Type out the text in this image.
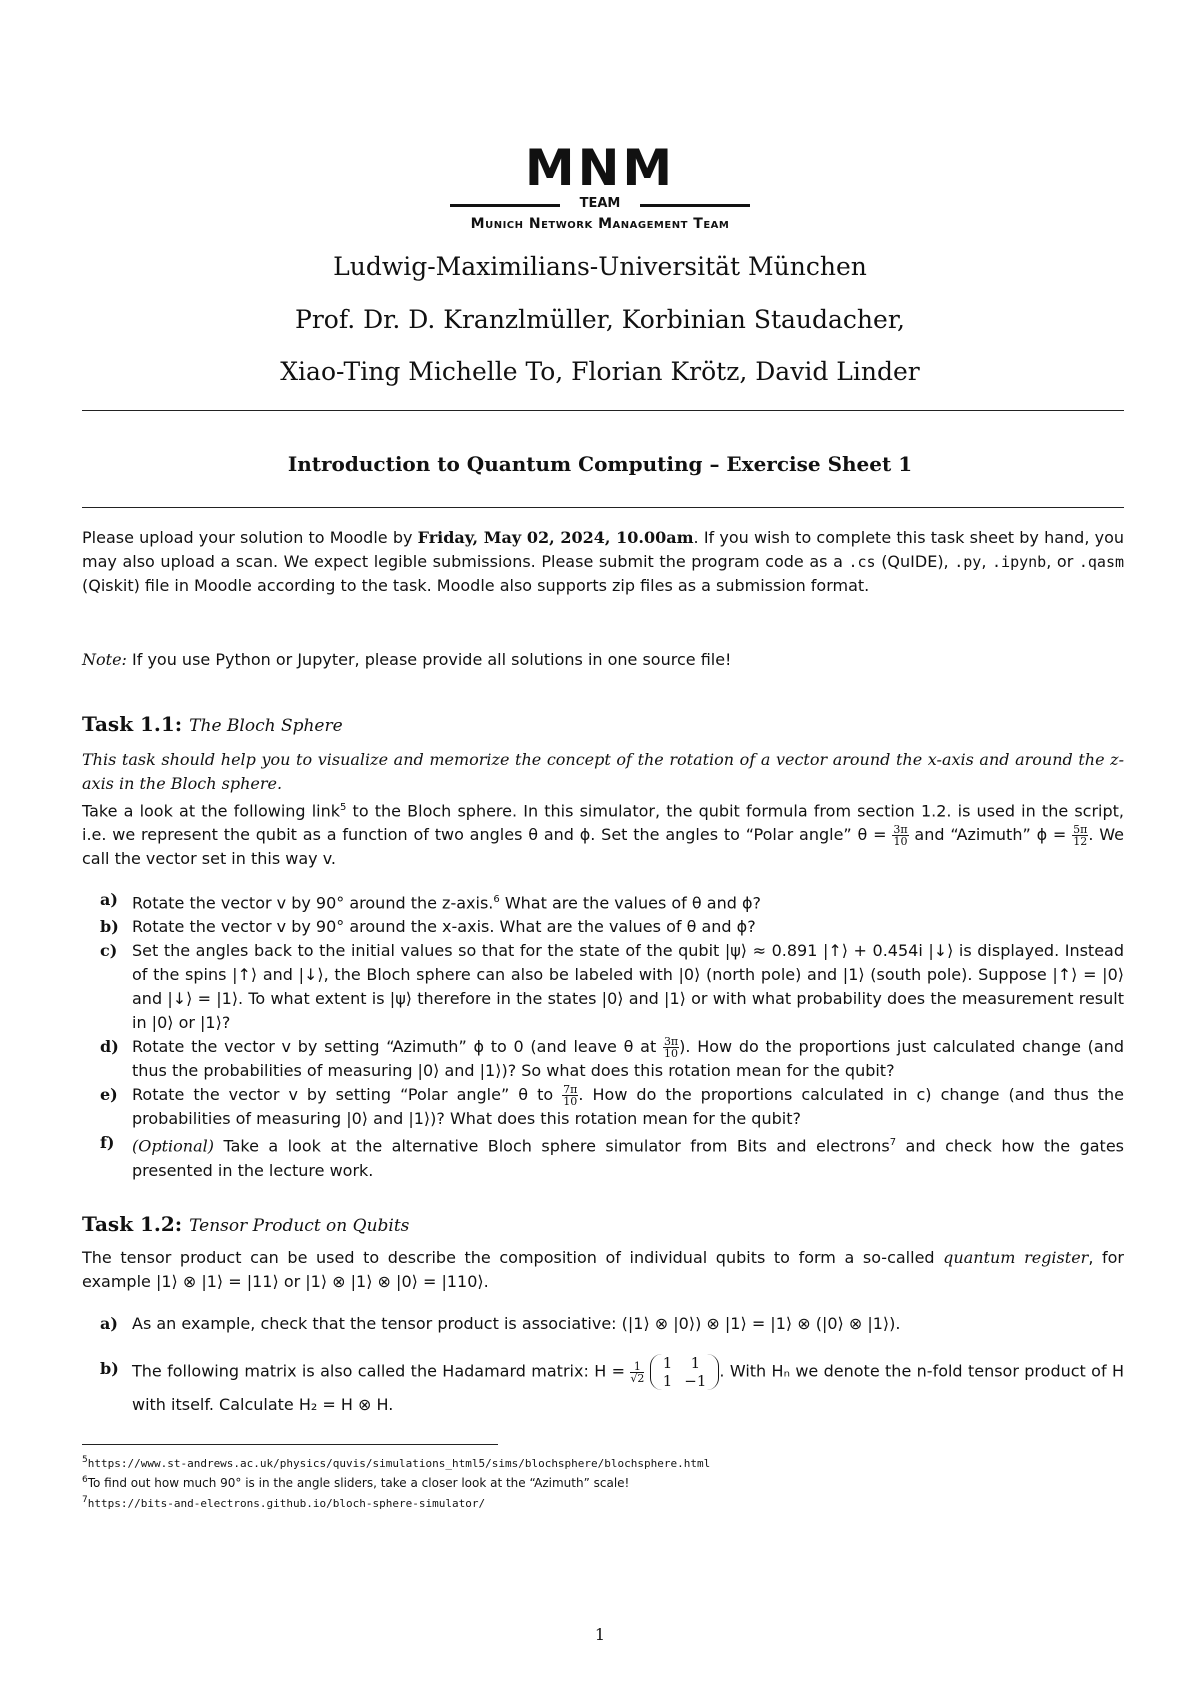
MNM
TEAM
Munich Network Management Team
Ludwig-Maximilians-Universität München
Prof. Dr. D. Kranzlmüller, Korbinian Staudacher,
Xiao-Ting Michelle To, Florian Krötz, David Linder
Introduction to Quantum Computing – Exercise Sheet 1
Please upload your solution to Moodle by Friday, May 02, 2024, 10.00am. If you wish to complete this task sheet by hand, you may also upload a scan. We expect legible submissions. Please submit the program code as a .cs (QuIDE), .py, .ipynb, or .qasm (Qiskit) file in Moodle according to the task. Moodle also supports zip files as a submission format.
Note: If you use Python or Jupyter, please provide all solutions in one source file!
Task 1.1: The Bloch Sphere
This task should help you to visualize and memorize the concept of the rotation of a vector around the x-axis and around the z-axis in the Bloch sphere.
Take a look at the following link$^5$ to the Bloch sphere. In this simulator, the qubit formula from section 1.2. is used in the script, i.e. we represent the qubit as a function of two angles θ and ϕ. Set the angles to “Polar angle” $\theta = \frac{3\pi}{10}$ and “Azimuth” $\phi = \frac{5\pi}{12}$ . We call the vector set in this way v.
a) Rotate the vector v by 90° around the z-axis.$^6$ What are the values of θ and ϕ?
b) Rotate the vector v by 90° around the x-axis. What are the values of θ and ϕ?
c) Set the angles back to the initial values so that for the state of the qubit |ψ⟩ ≈ 0.891 |↑⟩ + 0.454i |↓⟩ is displayed. Instead of the spins |↑⟩ and |↓⟩, the Bloch sphere can also be labeled with |0⟩ (north pole) and |1⟩ (south pole). Suppose |↑⟩ = |0⟩ and |↓⟩ = |1⟩. To what extent is |ψ⟩ therefore in the states |0⟩ and |1⟩ or with what probability does the measurement result in |0⟩ or |1⟩?
d) Rotate the vector v by setting “Azimuth” ϕ to 0 (and leave θ at $\frac{3\pi}{10}$ ). How do the proportions just calculated change (and thus the probabilities of measuring |0⟩ and |1⟩)? So what does this rotation mean for the qubit?
e) Rotate the vector v by setting “Polar angle” θ to $\frac{7\pi}{10}$ . How do the proportions calculated in c) change (and thus the probabilities of measuring |0⟩ and |1⟩)? What does this rotation mean for the qubit?
f) (Optional) Take a look at the alternative Bloch sphere simulator from Bits and electrons$^7$ and check how the gates presented in the lecture work.
Task 1.2: Tensor Product on Qubits
The tensor product can be used to describe the composition of individual qubits to form a so-called quantum register, for example |1⟩ ⊗ |1⟩ = |11⟩ or |1⟩ ⊗ |1⟩ ⊗ |0⟩ = |110⟩.
a) As an example, check that the tensor product is associative: (|1⟩ ⊗ |0⟩) ⊗ |1⟩ = |1⟩ ⊗ (|0⟩ ⊗ |1⟩).
b) The following matrix is also called the Hadamard matrix: $H = \frac{1}{√2}$
1	1
1	−1
. With Hₙ we denote the n-fold tensor product of H with itself. Calculate H₂ = H ⊗ H.
$^5$https://www.st-andrews.ac.uk/physics/quvis/simulations_html5/sims/blochsphere/blochsphere.html
$^6$To find out how much 90° is in the angle sliders, take a closer look at the “Azimuth” scale!
$^7$https://bits-and-electrons.github.io/bloch-sphere-simulator/
1
